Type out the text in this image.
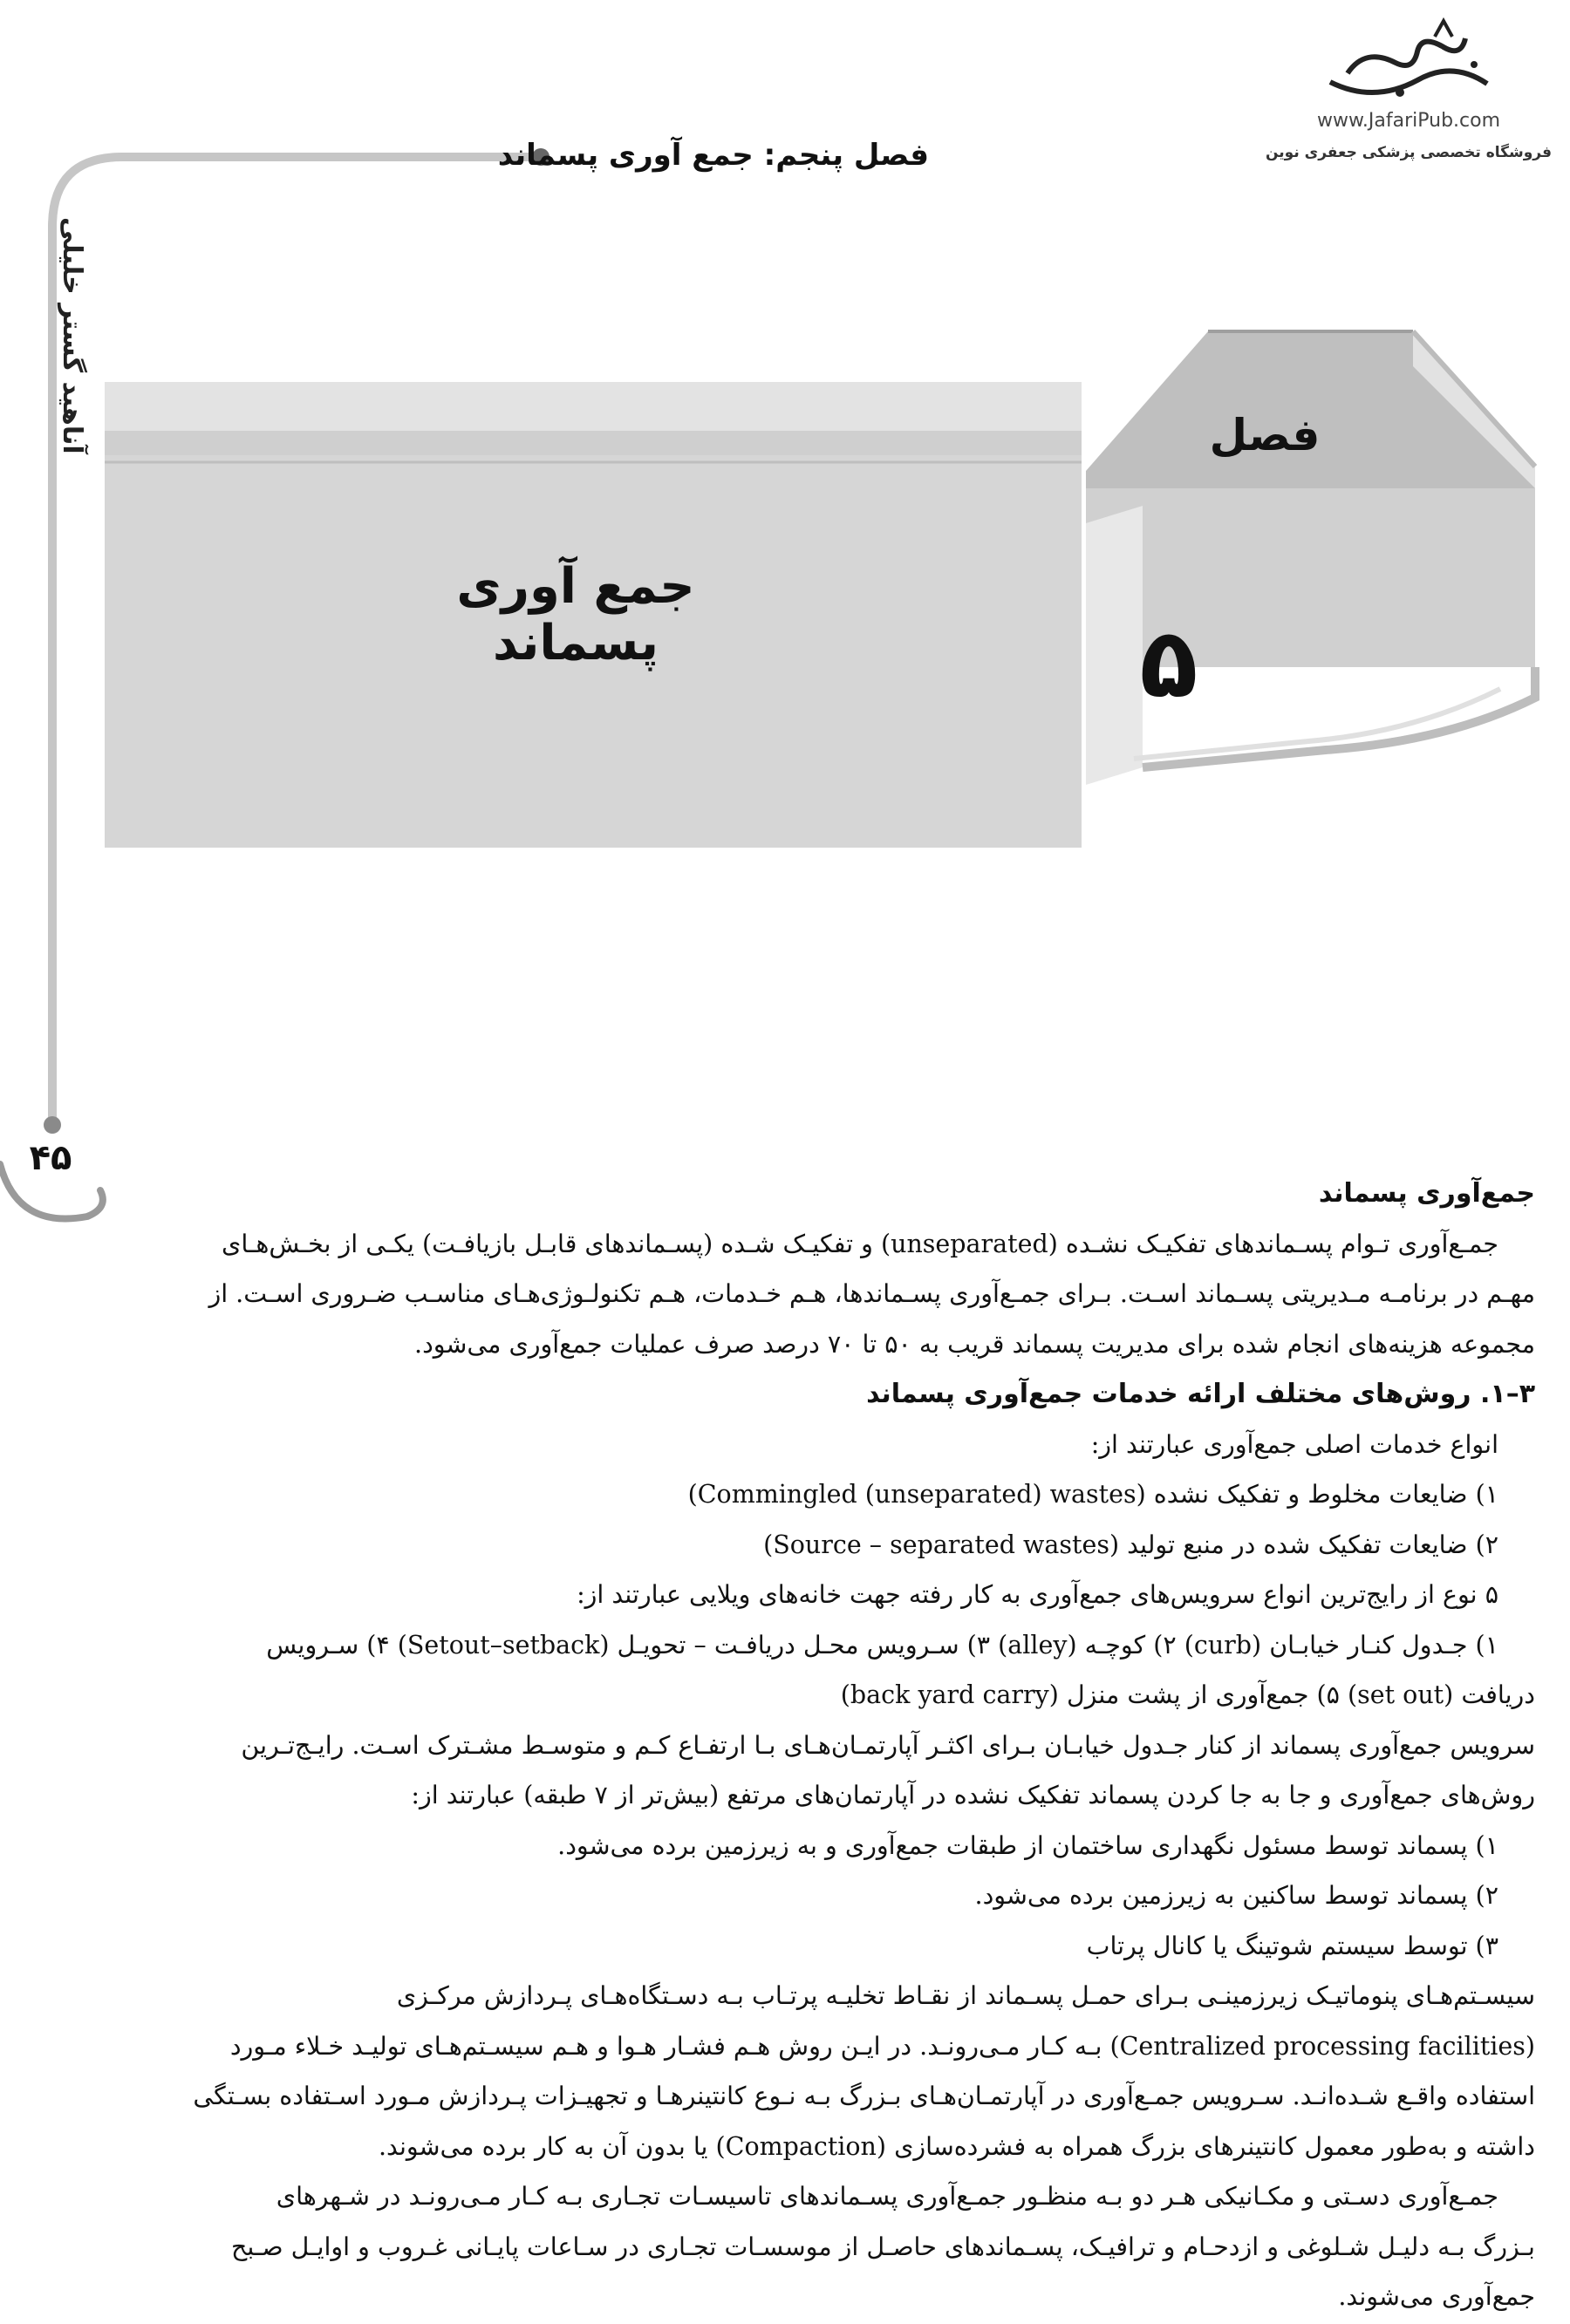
www.JafariPub.com
فروشگاه تخصصی پزشکی جعفری نوین
فصل پنجم: جمع آوری پسماند
آناهید گستر خلیلی
۴۵
فصل
۵
جمع آوری پسماند

جمع‌آوری پسماند

جمـع‌آوری تـوام پسـماندهای تفکیـک نشـده (unseparated) و تفکیـک شـده (پسـماندهای قابـل بازیافـت) یکـی از بخـش‌هـای

مهـم در برنامـه مـدیریتی پسـماند اسـت. بـرای جمـع‌آوری پسـماندها، هـم خـدمات، هـم تکنولـوژی‌هـای مناسـب ضـروری اسـت. از

مجموعه هزینه‌های انجام شده برای مدیریت پسماند قریب به ۵۰ تا ۷۰ درصد صرف عملیات جمع‌آوری می‌شود.

۳–۱. روش‌های مختلف ارائه خدمات جمع‌آوری پسماند

انواع خدمات اصلی جمع‌آوری عبارتند از:

۱) ضایعات مخلوط و تفکیک نشده (Commingled (unseparated) wastes)

۲) ضایعات تفکیک شده در منبع تولید (Source – separated wastes)

۵ نوع از رایج‌ترین انواع سرویس‌های جمع‌آوری به کار رفته جهت خانه‌های ویلایی عبارتند از:

۱) جـدول کنـار خیابـان (curb) ۲) کوچـه (alley) ۳) سـرویس محـل دریافـت – تحویـل (Setout–setback) ۴) سـرویس

دریافت (set out) ۵) جمع‌آوری از پشت منزل (back yard carry)

سرویس جمع‌آوری پسماند از کنار جـدول خیابـان بـرای اکثـر آپارتمـان‌هـای بـا ارتفـاع کـم و متوسـط مشـترک اسـت. رایـج‌تـرین

روش‌های جمع‌آوری و جا به جا کردن پسماند تفکیک نشده در آپارتمان‌های مرتفع (بیش‌تر از ۷ طبقه) عبارتند از:

۱) پسماند توسط مسئول نگهداری ساختمان از طبقات جمع‌آوری و به زیرزمین برده می‌شود.

۲) پسماند توسط ساکنین به زیرزمین برده می‌شود.

۳) توسط سیستم شوتینگ یا کانال پرتاب

سیسـتم‌هـای پنوماتیـک زیرزمینـی بـرای حمـل پسـماند از نقـاط تخلیـه پرتـاب بـه دسـتگاه‌هـای پـردازش مرکـزی

(Centralized processing facilities) بـه کـار مـی‌رونـد. در ایـن روش هـم فشـار هـوا و هـم سیسـتم‌هـای تولیـد خـلاء مـورد

استفاده واقـع شـده‌انـد. سـرویس جمـع‌آوری در آپارتمـان‌هـای بـزرگ بـه نـوع کانتینرهـا و تجهیـزات پـردازش مـورد اسـتفاده بسـتگی

داشته و به‌طور معمول کانتینرهای بزرگ همراه به فشرده‌سازی (Compaction) یا بدون آن به کار برده می‌شوند.

جمـع‌آوری دسـتی و مکـانیکی هـر دو بـه منظـور جمـع‌آوری پسـماندهای تاسیسـات تجـاری بـه کـار مـی‌رونـد در شـهرهای

بـزرگ بـه دلیـل شـلوغی و ازدحـام و ترافیـک، پسـماندهای حاصـل از موسسـات تجـاری در سـاعات پایـانی غـروب و اوایـل صـبح

جمع‌آوری می‌شوند.
